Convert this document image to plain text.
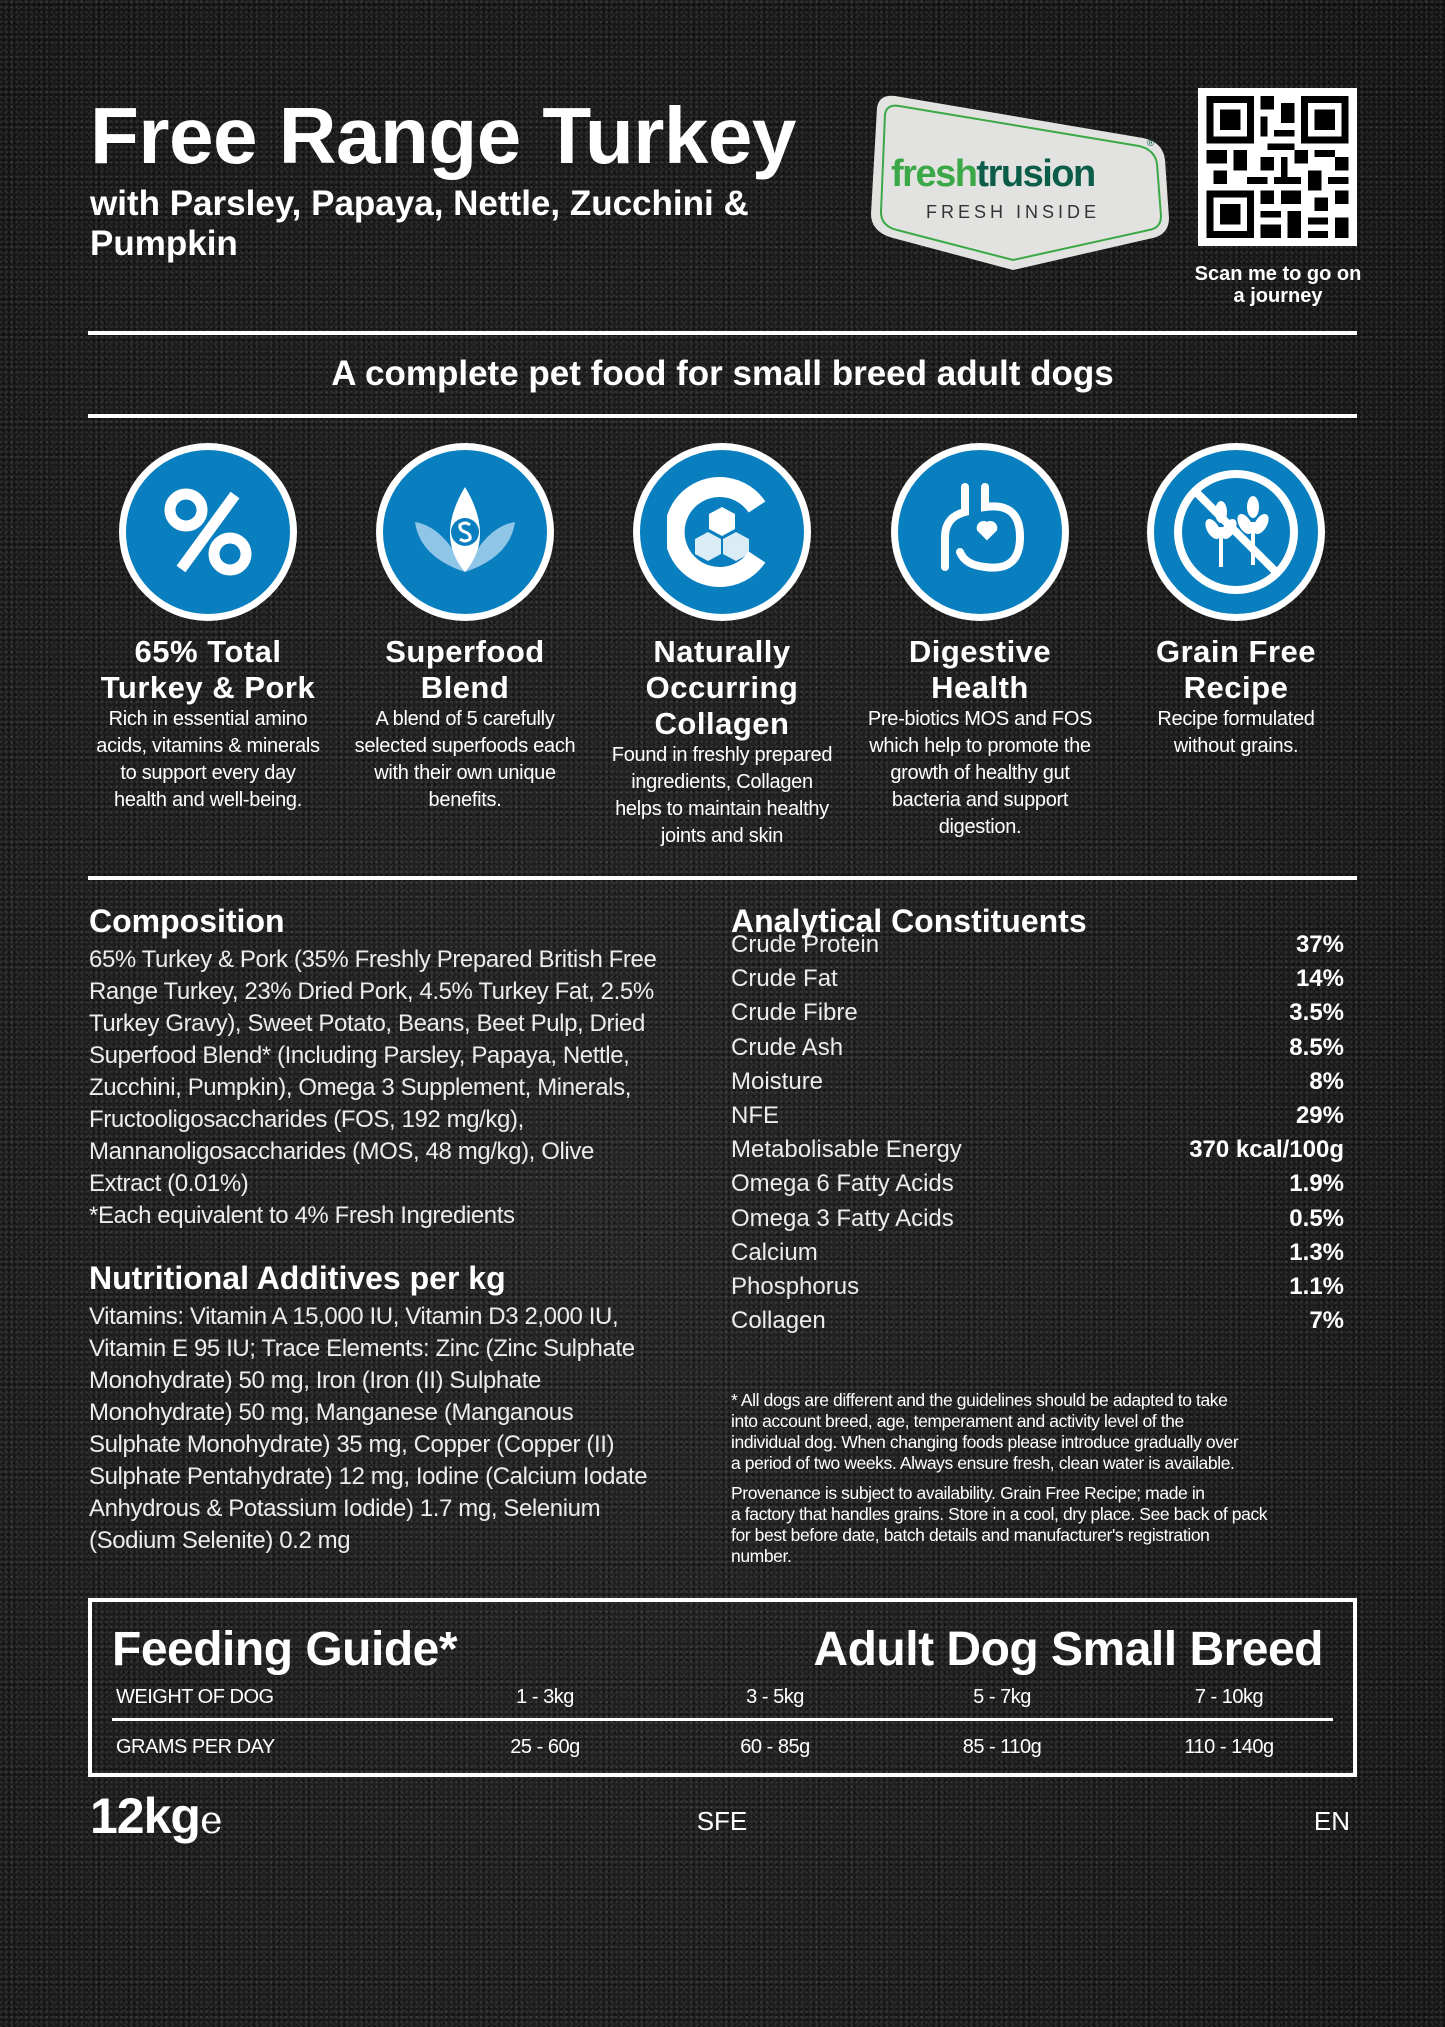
Free Range Turkey
with Parsley, Papaya, Nettle, Zucchini & Pumpkin
freshtrusion
®
FRESH INSIDE
Scan me to go on
a journey
A complete pet food for small breed adult dogs
65% Total
Turkey & Pork
Rich in essential amino
acids, vitamins & minerals
to support every day
health and well-being.
Superfood
Blend
A blend of 5 carefully
selected superfoods each
with their own unique
benefits.
Naturally
Occurring
Collagen
Found in freshly prepared
ingredients, Collagen
helps to maintain healthy
joints and skin
Digestive
Health
Pre-biotics MOS and FOS
which help to promote the
growth of healthy gut
bacteria and support
digestion.
Grain Free
Recipe
Recipe formulated
without grains.
Composition
65% Turkey & Pork (35% Freshly Prepared British Free
Range Turkey, 23% Dried Pork, 4.5% Turkey Fat, 2.5%
Turkey Gravy), Sweet Potato, Beans, Beet Pulp, Dried
Superfood Blend* (Including Parsley, Papaya, Nettle,
Zucchini, Pumpkin), Omega 3 Supplement, Minerals,
Fructooligosaccharides (FOS, 192 mg/kg),
Mannanoligosaccharides (MOS, 48 mg/kg), Olive
Extract (0.01%)
*Each equivalent to 4% Fresh Ingredients
Nutritional Additives per kg
Vitamins: Vitamin A 15,000 IU, Vitamin D3 2,000 IU,
Vitamin E 95 IU; Trace Elements: Zinc (Zinc Sulphate
Monohydrate) 50 mg, Iron (Iron (II) Sulphate
Monohydrate) 50 mg, Manganese (Manganous
Sulphate Monohydrate) 35 mg, Copper (Copper (II)
Sulphate Pentahydrate) 12 mg, Iodine (Calcium Iodate
Anhydrous & Potassium Iodide) 1.7 mg, Selenium
(Sodium Selenite) 0.2 mg
Analytical Constituents
Crude Protein	37%
Crude Fat	14%
Crude Fibre	3.5%
Crude Ash	8.5%
Moisture	8%
NFE	29%
Metabolisable Energy	370 kcal/100g
Omega 6 Fatty Acids	1.9%
Omega 3 Fatty Acids	0.5%
Calcium	1.3%
Phosphorus	1.1%
Collagen	7%
* All dogs are different and the guidelines should be adapted to take
into account breed, age, temperament and activity level of the
individual dog. When changing foods please introduce gradually over
a period of two weeks. Always ensure fresh, clean water is available.
Provenance is subject to availability. Grain Free Recipe; made in
a factory that handles grains. Store in a cool, dry place. See back of pack
for best before date, batch details and manufacturer's registration
number.
Feeding Guide*	Adult Dog Small Breed
WEIGHT OF DOG	1 - 3kg	3 - 5kg	5 - 7kg	7 - 10kg
GRAMS PER DAY	25 - 60g	60 - 85g	85 - 110g	110 - 140g
12kge	SFE	EN
